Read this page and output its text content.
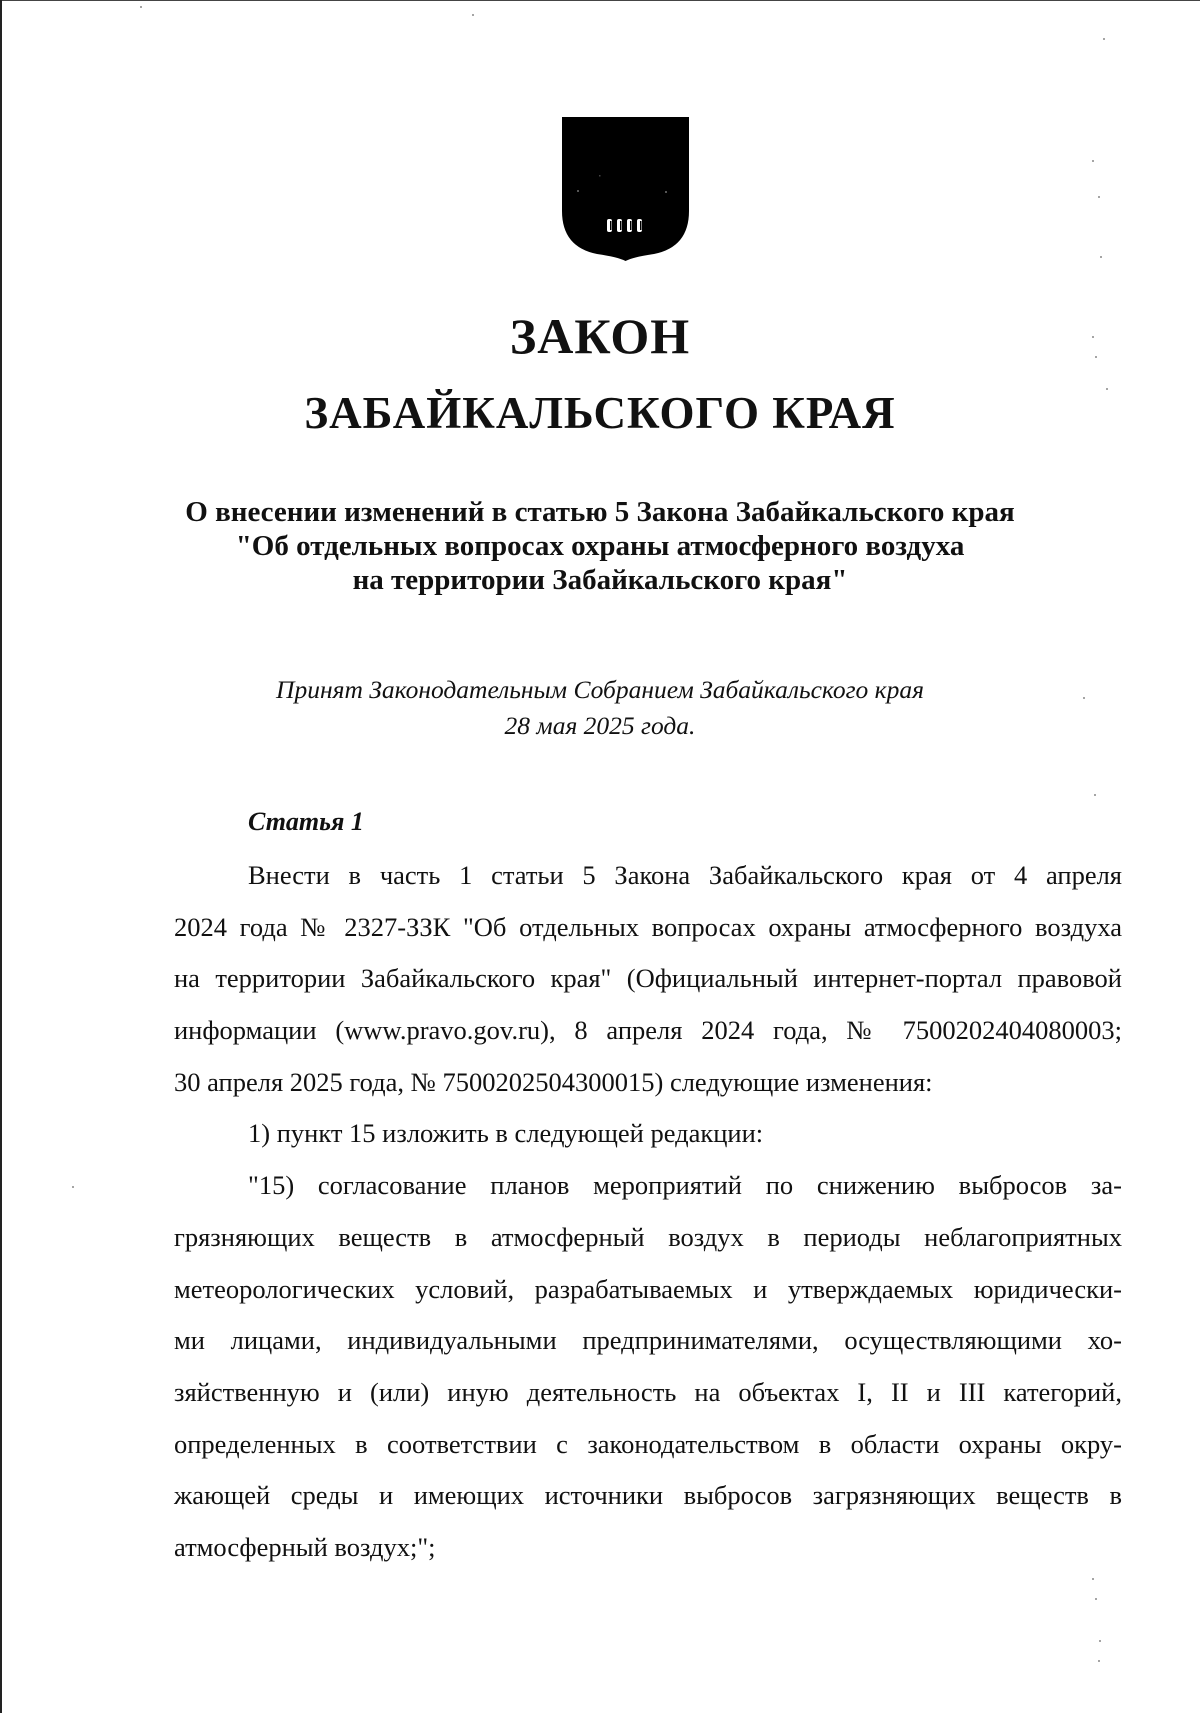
ЗАКОН
ЗАБАЙКАЛЬСКОГО КРАЯ
О внесении изменений в статью 5 Закона Забайкальского края
"Об отдельных вопросах охраны атмосферного воздуха
на территории Забайкальского края"
Принят Законодательным Собранием Забайкальского края
28 мая 2025 года.
Статья 1
Внести в часть 1 статьи 5 Закона Забайкальского края от 4 апреля
2024 года № 2327-ЗЗК "Об отдельных вопросах охраны атмосферного воздуха
на территории Забайкальского края" (Официальный интернет-портал правовой
информации (www.pravo.gov.ru), 8 апреля 2024 года, № 7500202404080003;
30 апреля 2025 года, № 7500202504300015) следующие изменения:
1) пункт 15 изложить в следующей редакции:
"15) согласование планов мероприятий по снижению выбросов за-
грязняющих веществ в атмосферный воздух в периоды неблагоприятных
метеорологических условий, разрабатываемых и утверждаемых юридически-
ми лицами, индивидуальными предпринимателями, осуществляющими хо-
зяйственную и (или) иную деятельность на объектах I, II и III категорий,
определенных в соответствии с законодательством в области охраны окру-
жающей среды и имеющих источники выбросов загрязняющих веществ в
атмосферный воздух;";
